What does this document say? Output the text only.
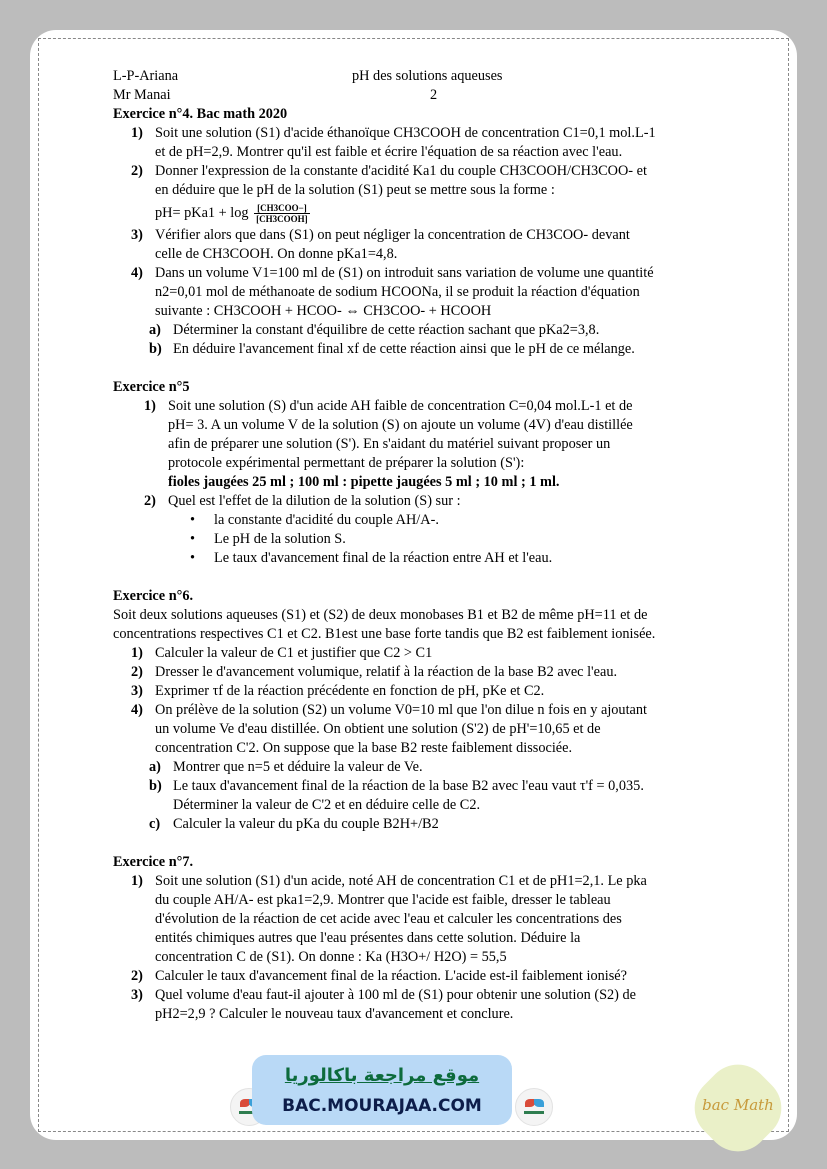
L-P-Ariana	pH des solutions aqueuses
Mr Manai	2

Exercice n°4. Bac math 2020

1) Soit une solution (S1) d'acide éthanoïque CH3COOH de concentration C1=0,1 mol.L-1
et de pH=2,9. Montrer qu'il est faible et écrire l'équation de sa réaction avec l'eau.
2) Donner l'expression de la constante d'acidité Ka1 du couple CH3COOH/CH3COO- et
en déduire que le pH de la solution (S1) peut se mettre sous la forme :
$pH= pKa1 + \log \frac{\text{[CH3COO−]}}{\text{[CH3COOH]}}$
3) Vérifier alors que dans (S1) on peut négliger la concentration de CH3COO- devant
celle de CH3COOH. On donne pKa1=4,8.
4) Dans un volume V1=100 ml de (S1) on introduit sans variation de volume une quantité
n2=0,01 mol de méthanoate de sodium HCOONa, il se produit la réaction d'équation
suivante : CH3COOH + HCOO- ⇔ CH3COO- + HCOOH
a) Déterminer la constant d'équilibre de cette réaction sachant que pKa2=3,8.
b) En déduire l'avancement final xf de cette réaction ainsi que le pH de ce mélange.

Exercice n°5

1) Soit une solution (S) d'un acide AH faible de concentration C=0,04 mol.L-1 et de
pH= 3. A un volume V de la solution (S) on ajoute un volume (4V) d'eau distillée
afin de préparer une solution (S'). En s'aidant du matériel suivant proposer un
protocole expérimental permettant de préparer la solution (S'):
fioles jaugées 25 ml ; 100 ml : pipette jaugées 5 ml ; 10 ml ; 1 ml.
2) Quel est l'effet de la dilution de la solution (S) sur :
• la constante d'acidité du couple AH/A-.
• Le pH de la solution S.
• Le taux d'avancement final de la réaction entre AH et l'eau.

Exercice n°6.

Soit deux solutions aqueuses (S1) et (S2) de deux monobases B1 et B2 de même pH=11 et de
concentrations respectives C1 et C2. B1est une base forte tandis que B2 est faiblement ionisée.
1) Calculer la valeur de C1 et justifier que C2 > C1
2) Dresser le d'avancement volumique, relatif à la réaction de la base B2 avec l'eau.
3) Exprimer τf de la réaction précédente en fonction de pH, pKe et C2.
4) On prélève de la solution (S2) un volume V0=10 ml que l'on dilue n fois en y ajoutant
un volume Ve d'eau distillée. On obtient une solution (S'2) de pH'=10,65 et de
concentration C'2. On suppose que la base B2 reste faiblement dissociée.
a) Montrer que n=5 et déduire la valeur de Ve.
b) Le taux d'avancement final de la réaction de la base B2 avec l'eau vaut τ'f = 0,035.
Déterminer la valeur de C'2 et en déduire celle de C2.
c) Calculer la valeur du pKa du couple B2H+/B2

Exercice n°7.

1) Soit une solution (S1) d'un acide, noté AH de concentration C1 et de pH1=2,1. Le pka
du couple AH/A- est pka1=2,9. Montrer que l'acide est faible, dresser le tableau
d'évolution de la réaction de cet acide avec l'eau et calculer les concentrations des
entités chimiques autres que l'eau présentes dans cette solution. Déduire la
concentration C de (S1). On donne : Ka (H3O+/ H2O) = 55,5
2) Calculer le taux d'avancement final de la réaction. L'acide est-il faiblement ionisé?
3) Quel volume d'eau faut-il ajouter à 100 ml de (S1) pour obtenir une solution (S2) de
pH2=2,9 ? Calculer le nouveau taux d'avancement et conclure.
موقع مراجعة باكالوريا
BAC.MOURAJAA.COM	bac Math
